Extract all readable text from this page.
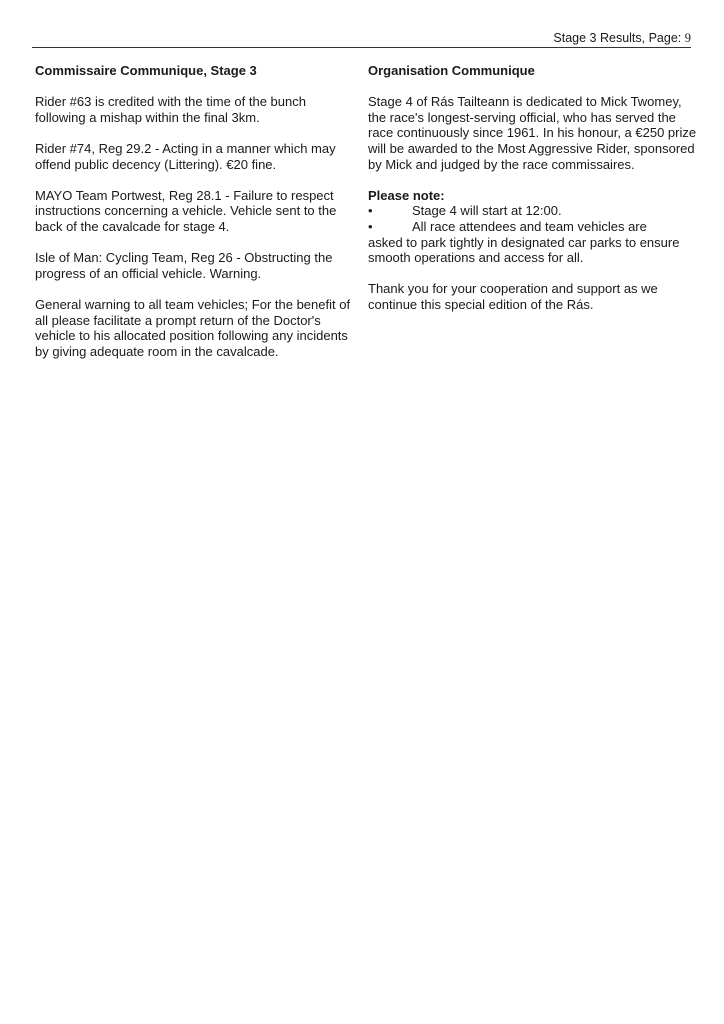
Stage 3 Results, Page: 9
Commissaire Communique, Stage 3
Rider #63 is credited with the time of the bunch following a mishap within the final 3km.
Rider #74, Reg 29.2 - Acting in a manner which may offend public decency (Littering). €20 fine.
MAYO Team Portwest, Reg 28.1 - Failure to respect instructions concerning a vehicle. Vehicle sent to the back of the cavalcade for stage 4.
Isle of Man: Cycling Team, Reg 26 - Obstructing the progress of an official vehicle. Warning.
General warning to all team vehicles; For the benefit of all please facilitate a prompt return of the Doctor's vehicle to his allocated position following any incidents by giving adequate room in the cavalcade.
Organisation Communique
Stage 4 of Rás Tailteann is dedicated to Mick Twomey, the race's longest-serving official, who has served the race continuously since 1961. In his honour, a €250 prize will be awarded to the Most Aggressive Rider, sponsored by Mick and judged by the race commissaires.
Please note:
•	Stage 4 will start at 12:00.
•	All race attendees and team vehicles are
asked to park tightly in designated car parks to ensure smooth operations and access for all.
Thank you for your cooperation and support as we continue this special edition of the Rás.
